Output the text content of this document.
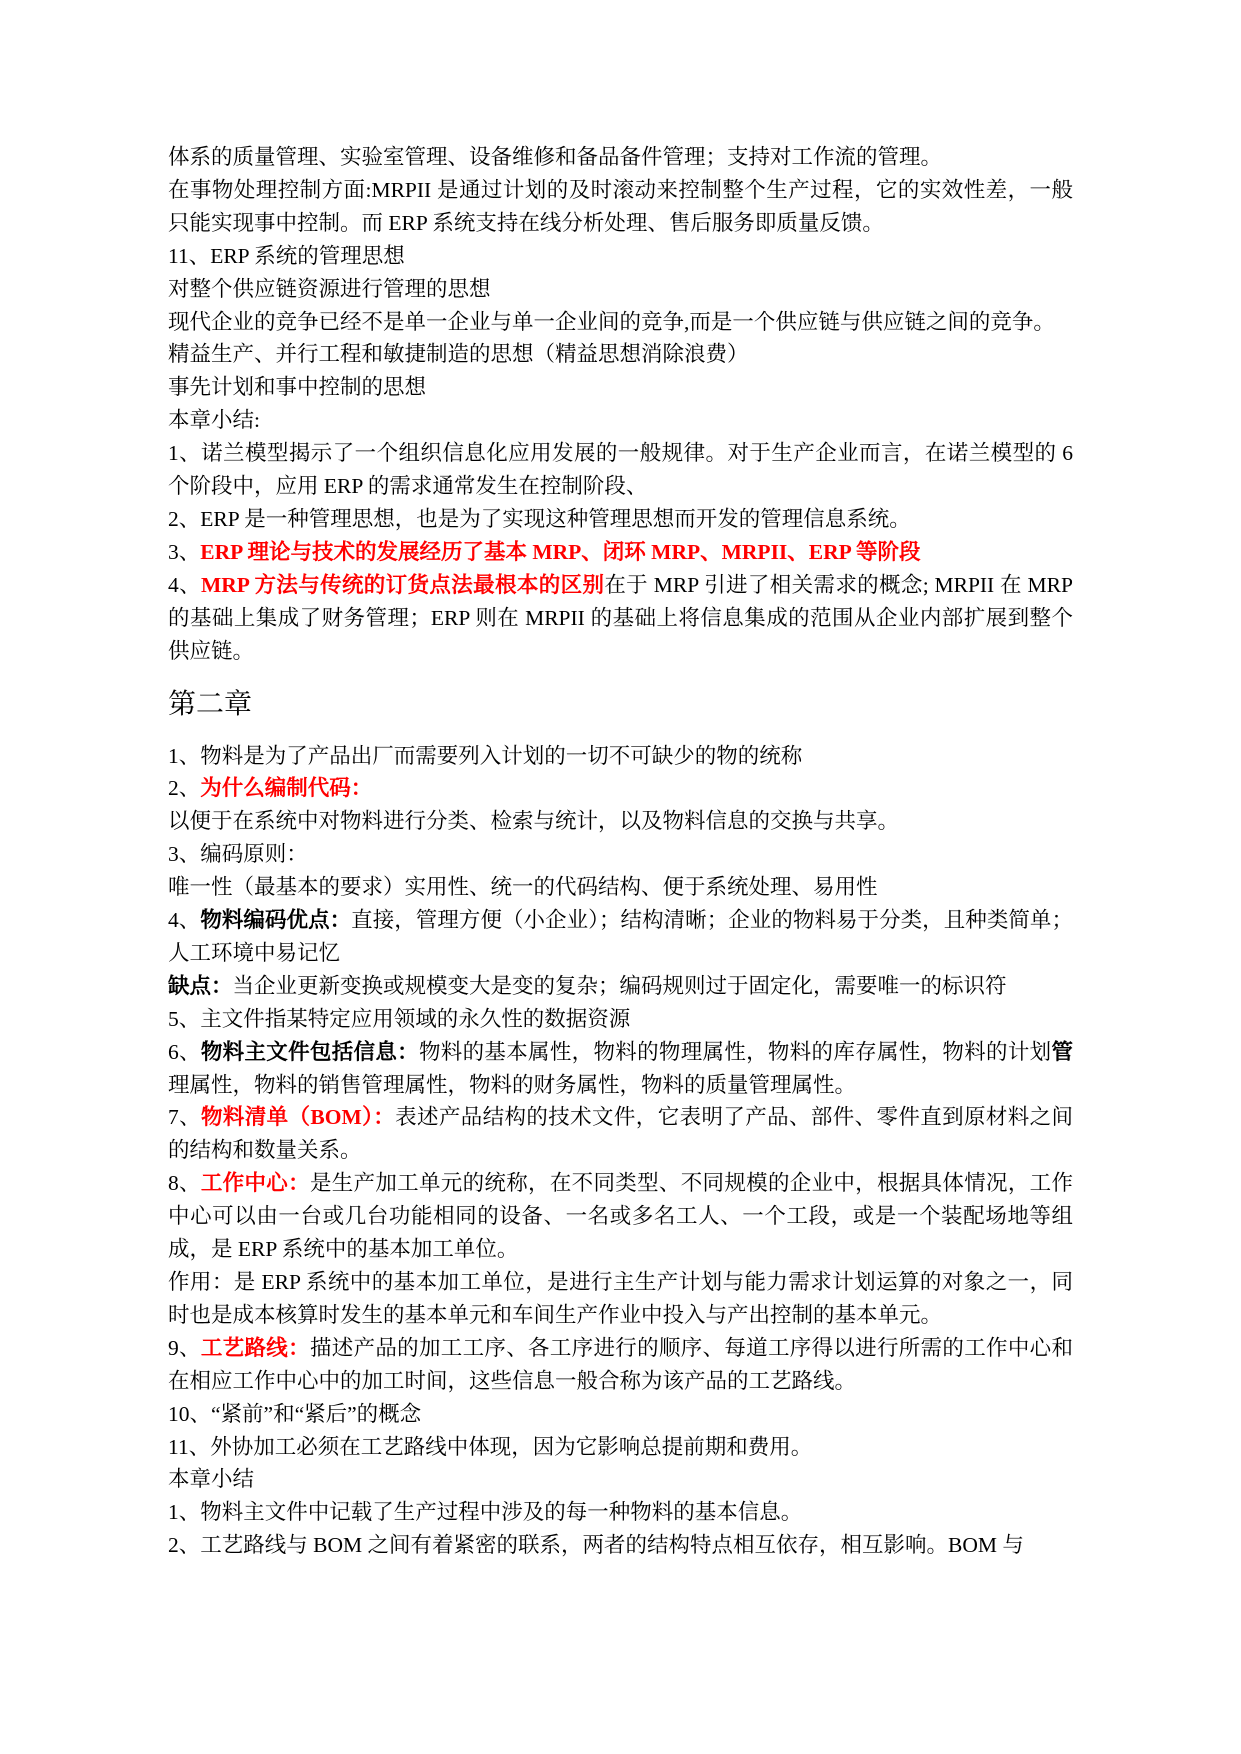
体系的质量管理、实验室管理、设备维修和备品备件管理；支持对工作流的管理。

在事物处理控制方面:MRPII 是通过计划的及时滚动来控制整个生产过程，它的实效性差，一般只能实现事中控制。而 ERP 系统支持在线分析处理、售后服务即质量反馈。

11、ERP 系统的管理思想

对整个供应链资源进行管理的思想

现代企业的竞争已经不是单一企业与单一企业间的竞争,而是一个供应链与供应链之间的竞争。

精益生产、并行工程和敏捷制造的思想（精益思想消除浪费）

事先计划和事中控制的思想

本章小结:

1、诺兰模型揭示了一个组织信息化应用发展的一般规律。对于生产企业而言，在诺兰模型的 6 个阶段中，应用 ERP 的需求通常发生在控制阶段、

2、ERP 是一种管理思想，也是为了实现这种管理思想而开发的管理信息系统。

3、ERP 理论与技术的发展经历了基本 MRP、闭环 MRP、MRPII、ERP 等阶段

4、MRP 方法与传统的订货点法最根本的区别在于 MRP 引进了相关需求的概念; MRPII 在 MRP 的基础上集成了财务管理；ERP 则在 MRPII 的基础上将信息集成的范围从企业内部扩展到整个供应链。

第二章

1、物料是为了产品出厂而需要列入计划的一切不可缺少的物的统称

2、为什么编制代码：

以便于在系统中对物料进行分类、检索与统计，以及物料信息的交换与共享。

3、编码原则：

唯一性（最基本的要求）实用性、统一的代码结构、便于系统处理、易用性

4、物料编码优点：直接，管理方便（小企业）；结构清晰；企业的物料易于分类，且种类简单；人工环境中易记忆

缺点：当企业更新变换或规模变大是变的复杂；编码规则过于固定化，需要唯一的标识符

5、主文件指某特定应用领域的永久性的数据资源

6、物料主文件包括信息：物料的基本属性，物料的物理属性，物料的库存属性，物料的计划管理属性，物料的销售管理属性，物料的财务属性，物料的质量管理属性。

7、物料清单（BOM）：表述产品结构的技术文件，它表明了产品、部件、零件直到原材料之间的结构和数量关系。

8、工作中心：是生产加工单元的统称，在不同类型、不同规模的企业中，根据具体情况，工作中心可以由一台或几台功能相同的设备、一名或多名工人、一个工段，或是一个装配场地等组成，是 ERP 系统中的基本加工单位。

作用：是 ERP 系统中的基本加工单位，是进行主生产计划与能力需求计划运算的对象之一，同时也是成本核算时发生的基本单元和车间生产作业中投入与产出控制的基本单元。

9、工艺路线：描述产品的加工工序、各工序进行的顺序、每道工序得以进行所需的工作中心和在相应工作中心中的加工时间，这些信息一般合称为该产品的工艺路线。

10、“紧前”和“紧后”的概念

11、外协加工必须在工艺路线中体现，因为它影响总提前期和费用。

本章小结

1、物料主文件中记载了生产过程中涉及的每一种物料的基本信息。

2、工艺路线与 BOM 之间有着紧密的联系，两者的结构特点相互依存，相互影响。BOM 与
